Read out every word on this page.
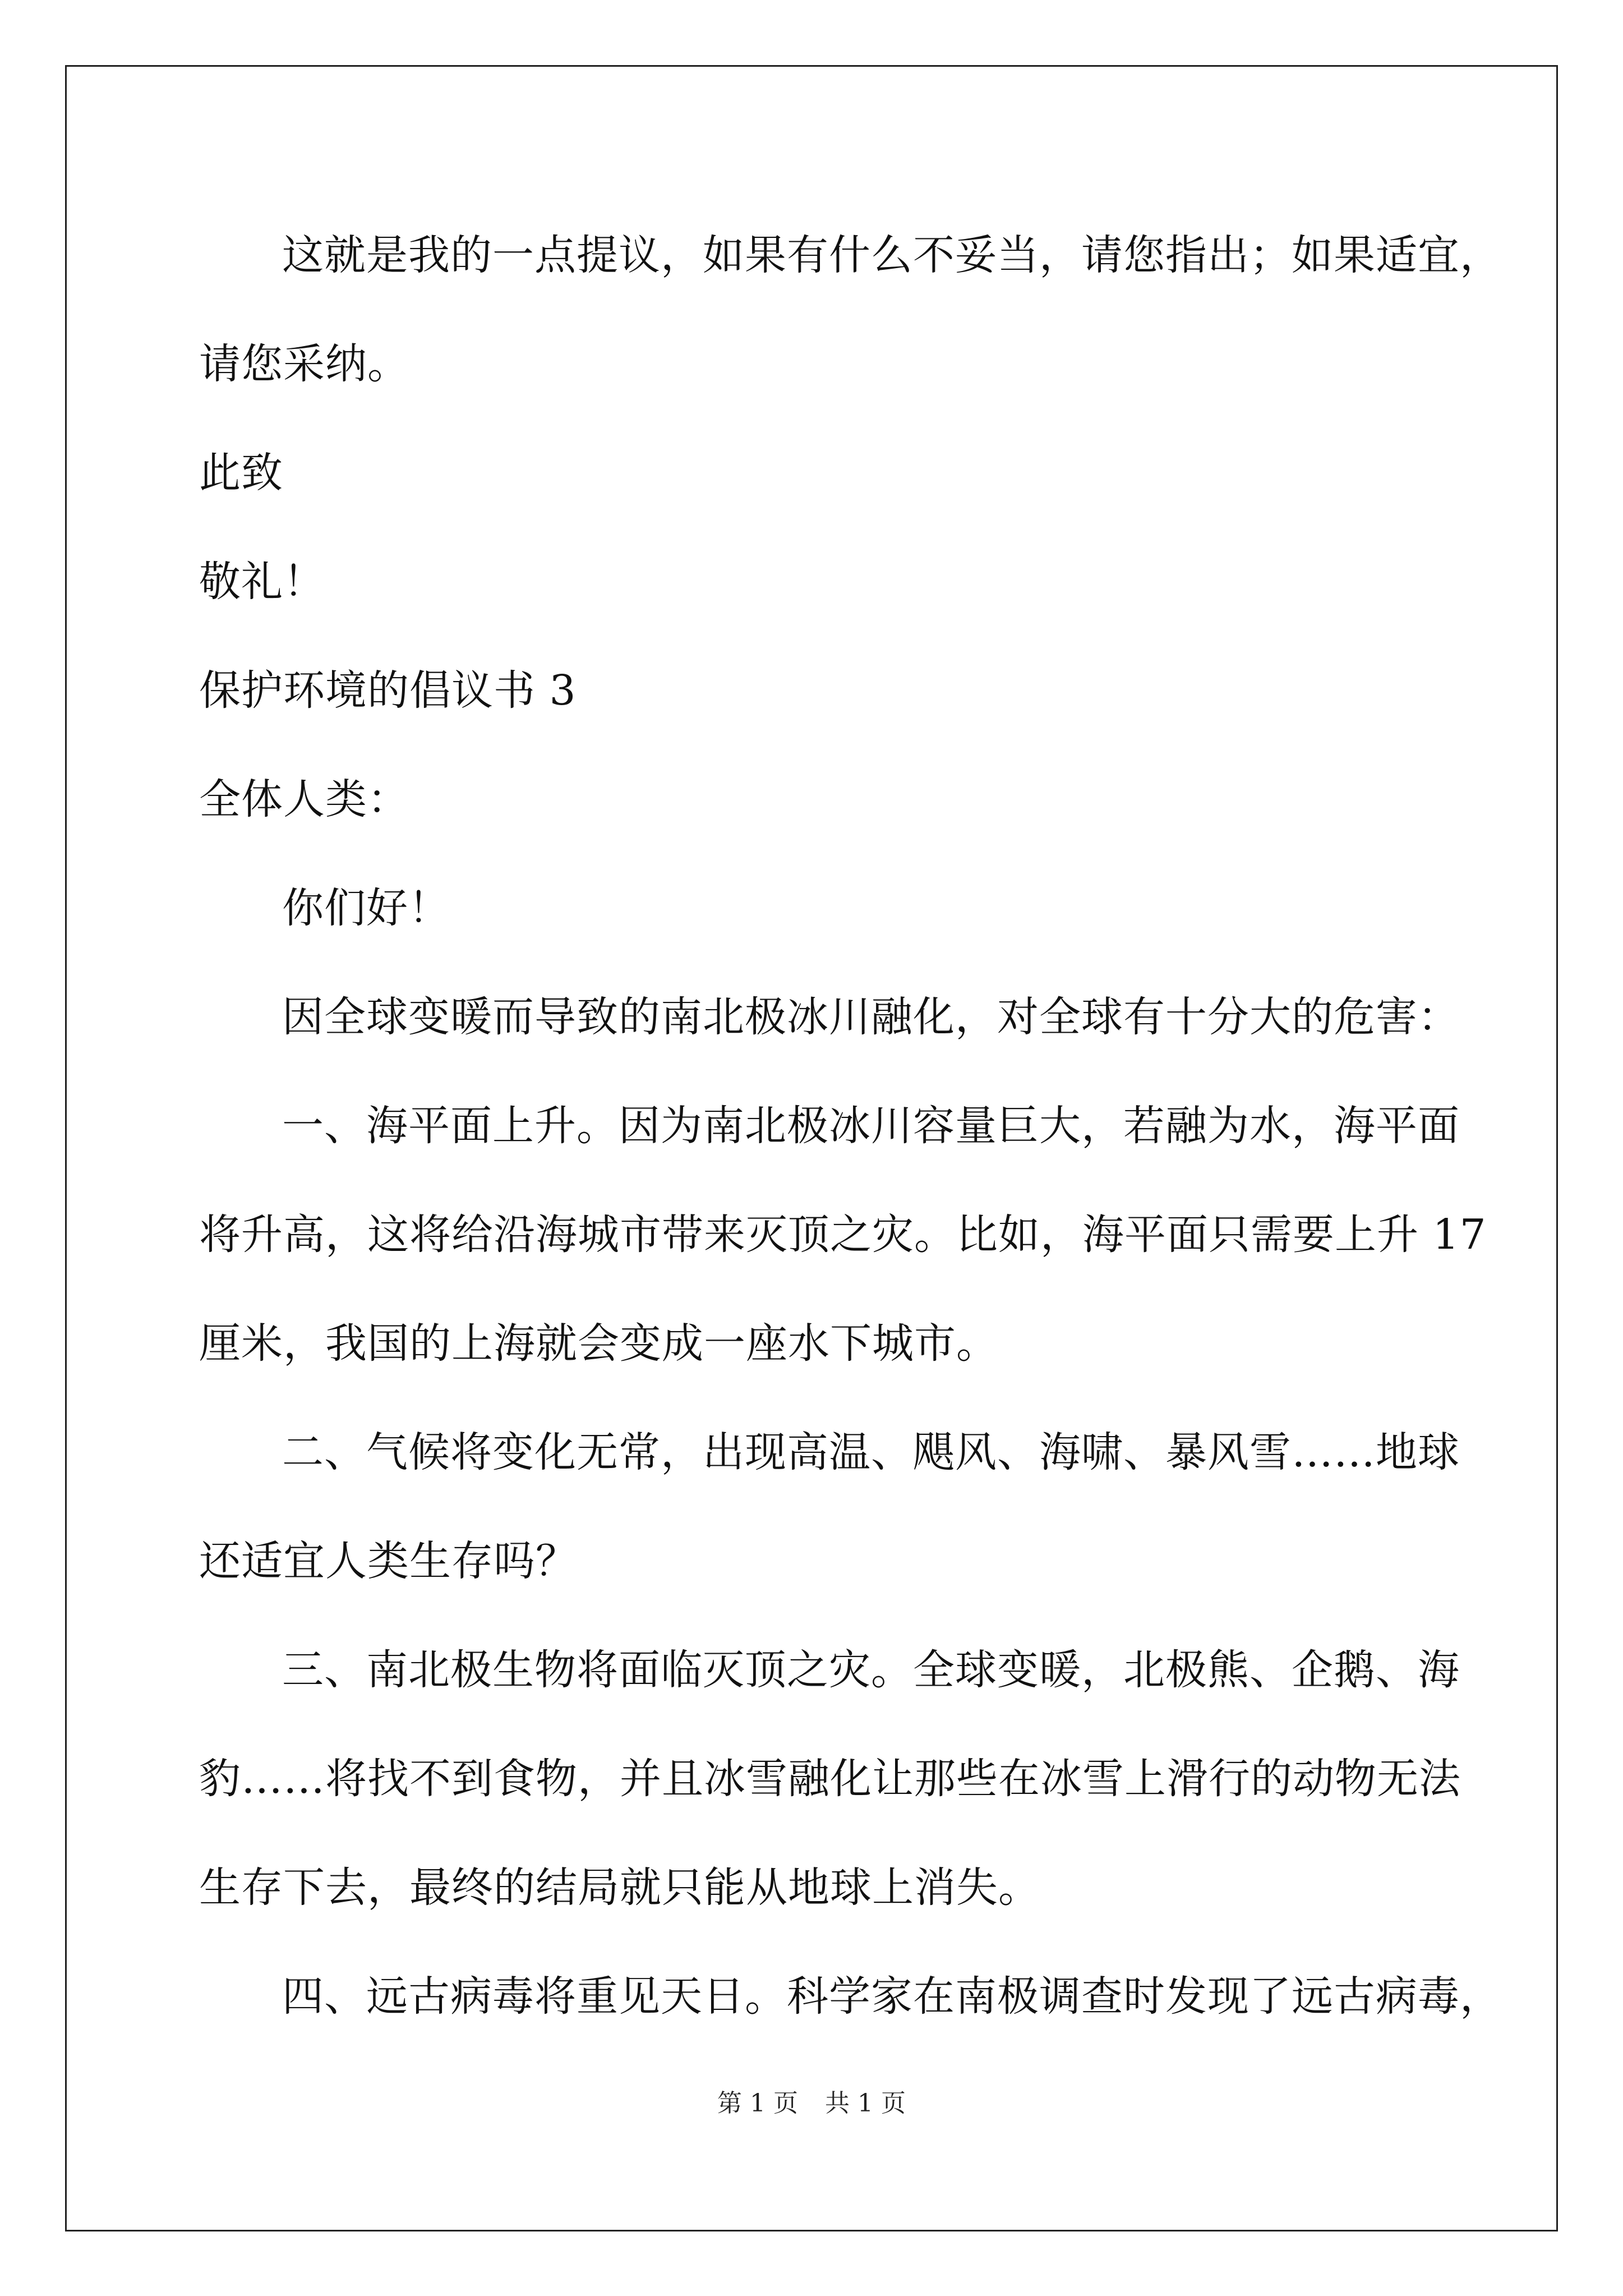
这就是我的一点提议，如果有什么不妥当，请您指出；如果适宜，
请您采纳。
此致
敬礼！
保护环境的倡议书 3
全体人类：
你们好！
因全球变暖而导致的南北极冰川融化，对全球有十分大的危害：
一、海平面上升。因为南北极冰川容量巨大，若融为水，海平面
将升高，这将给沿海城市带来灭顶之灾。比如，海平面只需要上升 17
厘米，我国的上海就会变成一座水下城市。
二、气候将变化无常，出现高温、飓风、海啸、暴风雪……地球
还适宜人类生存吗？
三、南北极生物将面临灭顶之灾。全球变暖，北极熊、企鹅、海
豹……将找不到食物，并且冰雪融化让那些在冰雪上滑行的动物无法
生存下去，最终的结局就只能从地球上消失。
四、远古病毒将重见天日。科学家在南极调查时发现了远古病毒，
第 1 页 共 1 页
